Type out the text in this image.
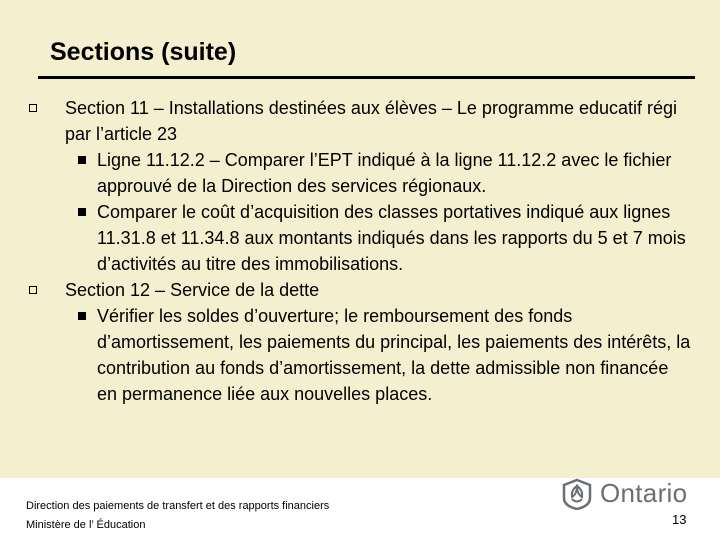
Sections (suite)
Section 11 – Installations destinées aux élèves – Le programme educatif régi par l’article 23
Ligne 11.12.2 – Comparer l’EPT indiqué à la ligne 11.12.2 avec le fichier approuvé de la Direction des services régionaux.
Comparer le coût d’acquisition des classes portatives indiqué aux lignes 11.31.8 et 11.34.8 aux montants indiqués dans les rapports du 5 et 7 mois d’activités au titre des immobilisations.
Section 12 – Service de la dette
Vérifier les soldes d’ouverture; le remboursement des fonds d’amortissement, les paiements du principal, les paiements des intérêts, la contribution au fonds d’amortissement, la dette admissible non financée en permanence liée aux nouvelles places.
Direction des paiements de transfert et des rapports financiers
Ministère de l’ Éducation
Ontario
13
